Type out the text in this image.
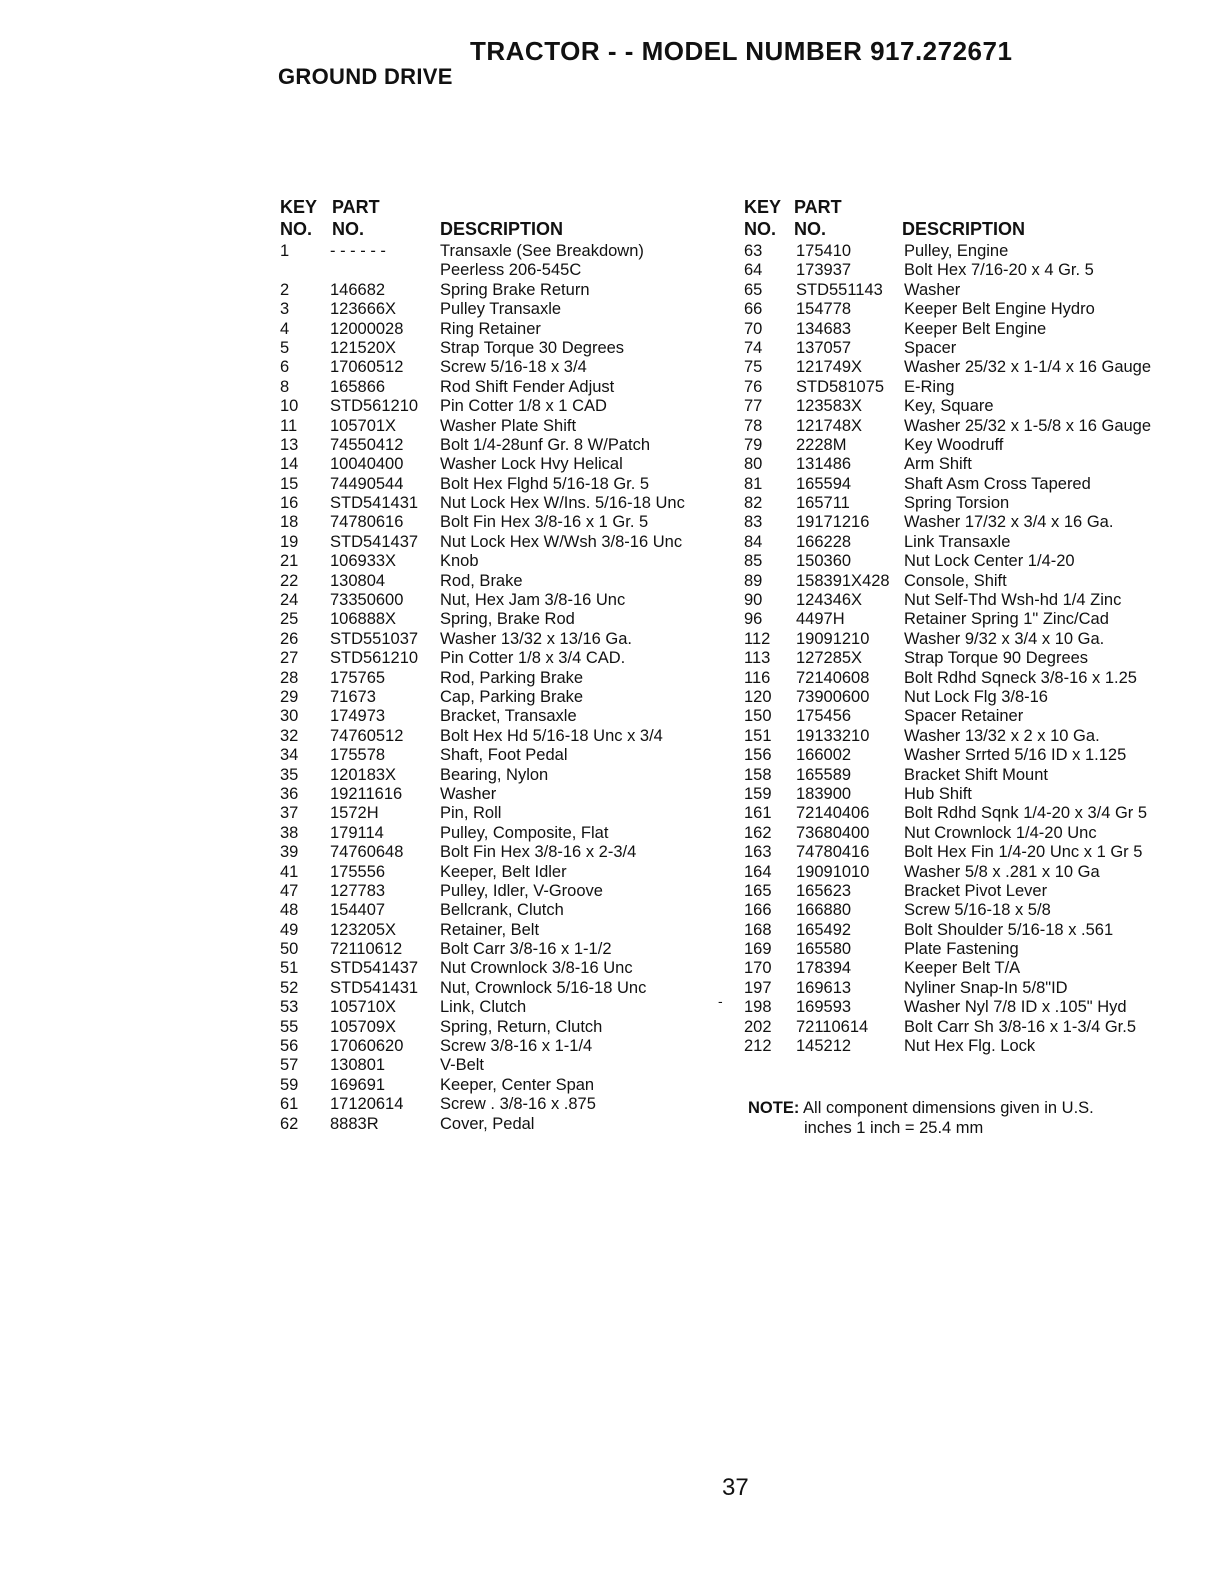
TRACTOR - - MODEL NUMBER 917.272671
GROUND DRIVE
KEY
NO.
PART
NO.	DESCRIPTION
1 - - - - - -	Transaxle (See Breakdown)
Peerless 206-545C
2 146682	Spring Brake Return
3 123666X	Pulley Transaxle
4 12000028 Ring Retainer
5 121520X	Strap Torque 30 Degrees
6 17060512 Screw 5/16-18 x 3/4
8 165866	Rod Shift Fender Adjust
10 STD561210 Pin Cotter 1/8 x 1 CAD
11 105701X	Washer Plate Shift
13 74550412 Bolt 1/4-28unf Gr. 8 W/Patch
14 10040400 Washer Lock Hvy Helical
15 74490544 Bolt Hex Flghd 5/16-18 Gr. 5
16 STD541431 Nut Lock Hex W/Ins. 5/16-18 Unc
18 74780616 Bolt Fin Hex 3/8-16 x 1 Gr. 5
19 STD541437 Nut Lock Hex W/Wsh 3/8-16 Unc
21 106933X	Knob
22 130804	Rod, Brake
24 73350600 Nut, Hex Jam 3/8-16 Unc
25 106888X	Spring, Brake Rod
26 STD551037 Washer 13/32 x 13/16 Ga.
27 STD561210 Pin Cotter 1/8 x 3/4 CAD.
28 175765	Rod, Parking Brake
29 71673	Cap, Parking Brake
30 174973	Bracket, Transaxle
32 74760512 Bolt Hex Hd 5/16-18 Unc x 3/4
34 175578	Shaft, Foot Pedal
35 120183X	Bearing, Nylon
36 19211616 Washer
37 1572H	Pin, Roll
38 179114	Pulley, Composite, Flat
39 74760648 Bolt Fin Hex 3/8-16 x 2-3/4
41 175556	Keeper, Belt Idler
47 127783	Pulley, Idler, V-Groove
48 154407	Bellcrank, Clutch
49 123205X	Retainer, Belt
50 72110612 Bolt Carr 3/8-16 x 1-1/2
51 STD541437 Nut Crownlock 3/8-16 Unc
52 STD541431 Nut, Crownlock 5/16-18 Unc
53 105710X	Link, Clutch
55 105709X	Spring, Return, Clutch
56 17060620 Screw 3/8-16 x 1-1/4
57 130801	V-Belt
59 169691	Keeper, Center Span
61 17120614 Screw . 3/8-16 x .875
62 8883R	Cover, Pedal
KEY
NO.
PART
NO.	DESCRIPTION
63 175410	Pulley, Engine
64 173937	Bolt Hex 7/16-20 x 4 Gr. 5
65 STD551143 Washer
66 154778	Keeper Belt Engine Hydro
70 134683	Keeper Belt Engine
74 137057	Spacer
75 121749X	Washer 25/32 x 1-1/4 x 16 Gauge
76 STD581075 E-Ring
77 123583X	Key, Square
78 121748X	Washer 25/32 x 1-5/8 x 16 Gauge
79 2228M	Key Woodruff
80 131486	Arm Shift
81 165594	Shaft Asm Cross Tapered
82 165711	Spring Torsion
83 19171216 Washer 17/32 x 3/4 x 16 Ga.
84 166228	Link Transaxle
85 150360	Nut Lock Center 1/4-20
89 158391X428 Console, Shift
90 124346X	Nut Self-Thd Wsh-hd 1/4 Zinc
96 4497H	Retainer Spring 1" Zinc/Cad
112 19091210 Washer 9/32 x 3/4 x 10 Ga.
113 127285X	Strap Torque 90 Degrees
116 72140608 Bolt Rdhd Sqneck 3/8-16 x 1.25
120 73900600 Nut Lock Flg 3/8-16
150 175456	Spacer Retainer
151 19133210 Washer 13/32 x 2 x 10 Ga.
156 166002	Washer Srrted 5/16 ID x 1.125
158 165589	Bracket Shift Mount
159 183900	Hub Shift
161 72140406 Bolt Rdhd Sqnk 1/4-20 x 3/4 Gr 5
162 73680400 Nut Crownlock 1/4-20 Unc
163 74780416 Bolt Hex Fin 1/4-20 Unc x 1 Gr 5
164 19091010 Washer 5/8 x .281 x 10 Ga
165 165623	Bracket Pivot Lever
166 166880	Screw 5/16-18 x 5/8
168 165492	Bolt Shoulder 5/16-18 x .561
169 165580	Plate Fastening
170 178394	Keeper Belt T/A
197 169613	Nyliner Snap-In 5/8"ID
198 169593	Washer Nyl 7/8 ID x .105" Hyd
202 72110614 Bolt Carr Sh 3/8-16 x 1-3/4 Gr.5
212 145212	Nut Hex Flg. Lock
-
NOTE: All component dimensions given in U.S.
inches 1 inch = 25.4 mm
37
